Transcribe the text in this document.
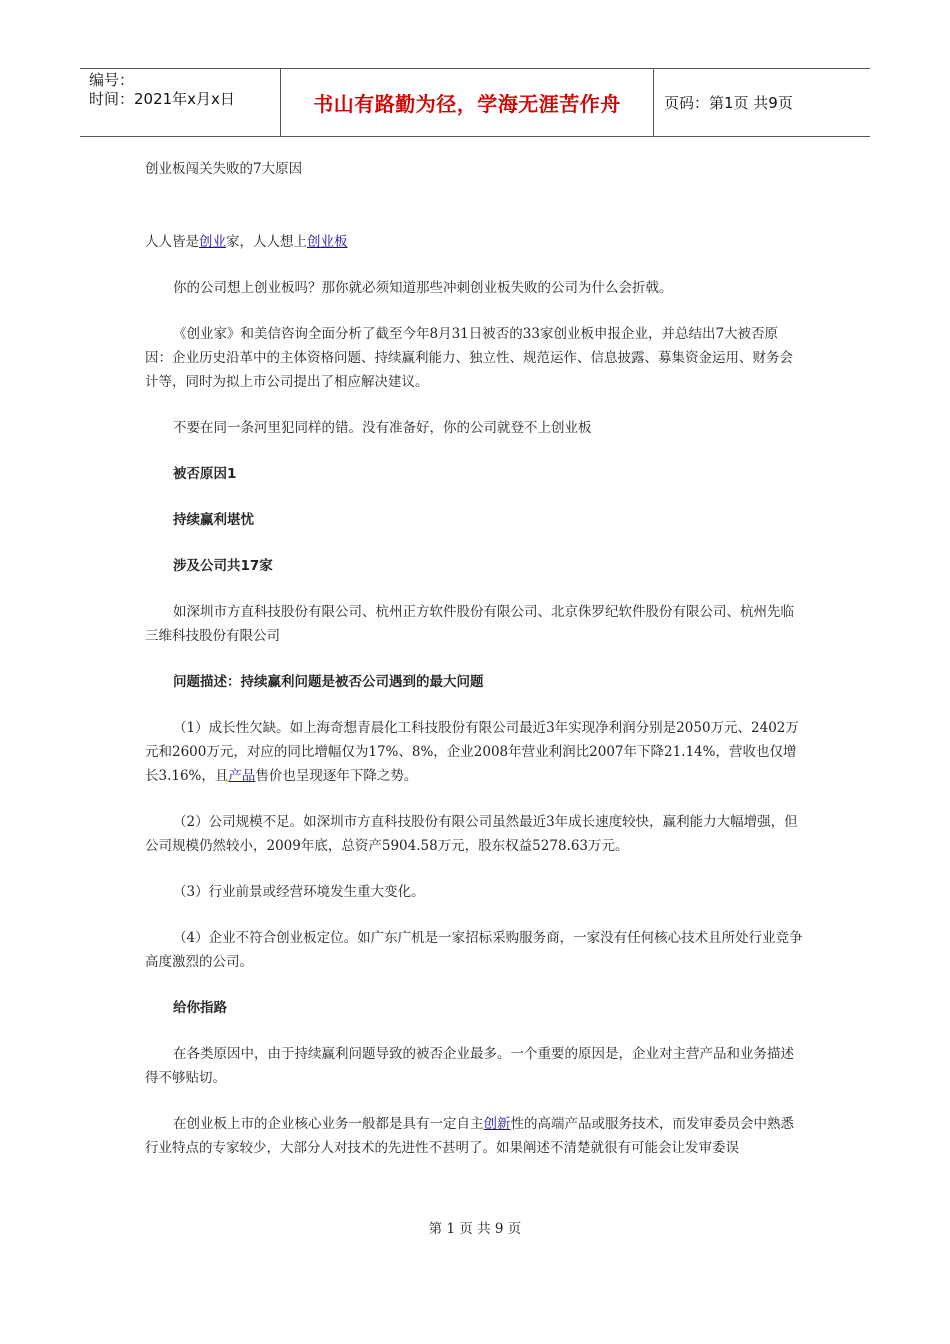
编号：
时间：2021年x月x日	书山有路勤为径，学海无涯苦作舟	页码：第1页 共9页

创业板闯关失败的7大原因

人人皆是创业家，人人想上创业板

你的公司想上创业板吗？那你就必须知道那些冲刺创业板失败的公司为什么会折戟。

《创业家》和美信咨询全面分析了截至今年8月31日被否的33家创业板申报企业，并总结出7大被否原因：企业历史沿革中的主体资格问题、持续赢利能力、独立性、规范运作、信息披露、募集资金运用、财务会计等，同时为拟上市公司提出了相应解决建议。

不要在同一条河里犯同样的错。没有准备好，你的公司就登不上创业板

被否原因1

持续赢利堪忧

涉及公司共17家

如深圳市方直科技股份有限公司、杭州正方软件股份有限公司、北京侏罗纪软件股份有限公司、杭州先临三维科技股份有限公司

问题描述：持续赢利问题是被否公司遇到的最大问题

（1）成长性欠缺。如上海奇想青晨化工科技股份有限公司最近3年实现净利润分别是2050万元、2402万元和2600万元，对应的同比增幅仅为17%、8%，企业2008年营业利润比2007年下降21.14%，营收也仅增长3.16%，且产品售价也呈现逐年下降之势。

（2）公司规模不足。如深圳市方直科技股份有限公司虽然最近3年成长速度较快，赢利能力大幅增强，但公司规模仍然较小，2009年底，总资产5904.58万元，股东权益5278.63万元。

（3）行业前景或经营环境发生重大变化。

（4）企业不符合创业板定位。如广东广机是一家招标采购服务商，一家没有任何核心技术且所处行业竞争高度激烈的公司。

给你指路

在各类原因中，由于持续赢利问题导致的被否企业最多。一个重要的原因是，企业对主营产品和业务描述得不够贴切。

在创业板上市的企业核心业务一般都是具有一定自主创新性的高端产品或服务技术，而发审委员会中熟悉行业特点的专家较少，大部分人对技术的先进性不甚明了。如果阐述不清楚就很有可能会让发审委误

第 1 页 共 9 页
